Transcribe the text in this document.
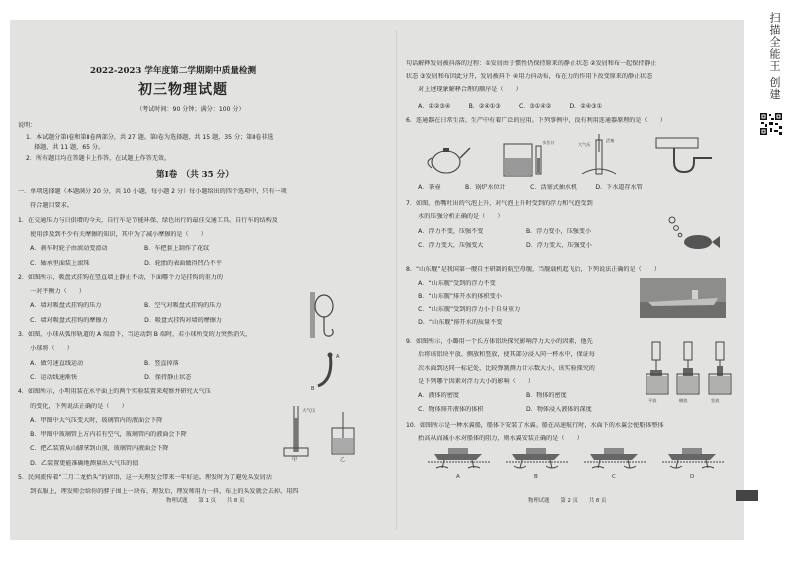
2022-2023 学年度第二学期期中质量检测
初三物理试题
（考试时间：90 分钟；满分：100 分）
说明：
1．本试题分第Ⅰ卷和第Ⅱ卷两部分，共 27 题。第Ⅰ卷为选择题，共 15 题，35 分；第Ⅱ卷非选
择题，共 11 题，65 分。
2．所有题目均在答题卡上作答，在试题上作答无效。
第Ⅰ卷　（共 35 分）
一．单项选择题（本题满分 20 分，共 10 小题，每小题 2 分）每小题给出的四个选项中，只有一项
　　符合题目要求。
1．在交通压力与日俱增的今天，自行车是节能环保、绿色出行的最佳交通工具。自行车的结构及
　　使用涉及到不少有关摩擦的知识，其中为了减小摩擦的是（　　）
　　A．刹车时轮子由滚动变滑动　　　　　　B．车把套上制作了花纹
　　C．轴承里面装上滚珠　　　　　　　　　D．轮胎的表面做得凹凸不平
2．如图所示，吸盘式挂钩在竖直墙上静止不动，下面哪个力是挂钩的重力的
　　一对平衡力（　　）
　　A．墙对吸盘式挂钩的压力　　　　　　　B．空气对吸盘式挂钩的压力
　　C．墙对吸盘式挂钩的摩擦力　　　　　　D．吸盘式挂钩对墙的摩擦力
3．如图，小球从弧形轨道的 A 端滑下，当运动到 B 端时，若小球所受的力突然消失，
　　小球将（　　）
　　A．做匀速直线运动　　　　　　　　　　B．竖直掉落
　　C．运动线速渐快　　　　　　　　　　　D．保持静止状态
4．如图所示，小明用装在水平面上的两个实验装置来观察并研究大气压
　　的变化，下列说法正确的是（　　）
　　A．甲图中大气压变大时，玻璃管内的液面会下降
　　B．甲图中玻璃管上方内若有空气，玻璃管内的液面会下降
　　C．把乙装置从山脚拿到山顶，玻璃管内液面会下降
　　D．乙装置更能准确地测量出大气压的值
5．民间流传着“二月二龙抬头”的谚语，这一天理发会带来一年好运。理发时为了避免头发屑沾
　　到衣服上，理发师会给你的脖子围上一块布，理发后，理发师用力一抖，布上的头发就会去掉。用四
A
B
大气压
甲	乙
物理试题　　第 1 页　　共 8 页
句话解释发屑被抖落的过程：①发屑由于惯性仍保持原来的静止状态 ②发屑和布一起保持静止
状态 ③发屑和布因此分开，发屑被抖下 ④用力抖动布，布在力的作用下改变原来的静止状态
　　对上述现象解释合理的顺序是（　　）
　　A．①②③④　　　B．②④①③　　　C．③①④②　　　D．②④③①
6．连通器在日常生活、生产中有着广泛的应用。下列事例中，没有利用连通器原理的是（　　）
　　A．茶壶　　　　B．锅炉水位计　　　　C．活塞式抽水机　　　D．下水道存水管
7．如图，鱼嘴吐出的气泡上升，对气泡上升时受到的浮力和气泡受到
　　水的压强分析正确的是（　　）
　　A．浮力不变，压强不变　　　　　　　B．浮力变小，压强变小
　　C．浮力变大，压强变大　　　　　　　D．浮力变大，压强变小
8．“山东舰”是我国第一艘自主研制的航空母舰，当舰载机起飞后，下列说法正确的是（　　）
　　A．“山东舰”受到的浮力不变
　　B．“山东舰”排开水的体积变小
　　C．“山东舰”受到的浮力小于自身重力
　　D．“山东舰”排开水的质量不变
9．如图所示，小璐用一个长方体铝块探究影响浮力大小的因素，他先
　　后将该铝块平放、侧放和竖放，使其部分浸入同一杯水中，保证每
　　次水面到达同一标记处，比较弹簧测力计示数大小，该实验探究的
　　是下列哪个因素对浮力大小的影响（　　）
　　A．液体的密度　　　　　　　　　　　B．物体的密度
　　C．物体排开液体的体积　　　　　　　D．物体浸入液体的深度
10．如图所示是一种水翼船，船体下安装了水翼。船在高速航行时，水面下的水翼会使船体整体
　　抬高从而减小水对船体的阻力，则水翼安装正确的是（　　）
水位计	活塞
大气压
平放	侧放	竖放
A	B	C	D
物理试题　　第 2 页　　共 8 页
扫描全能王 创建
